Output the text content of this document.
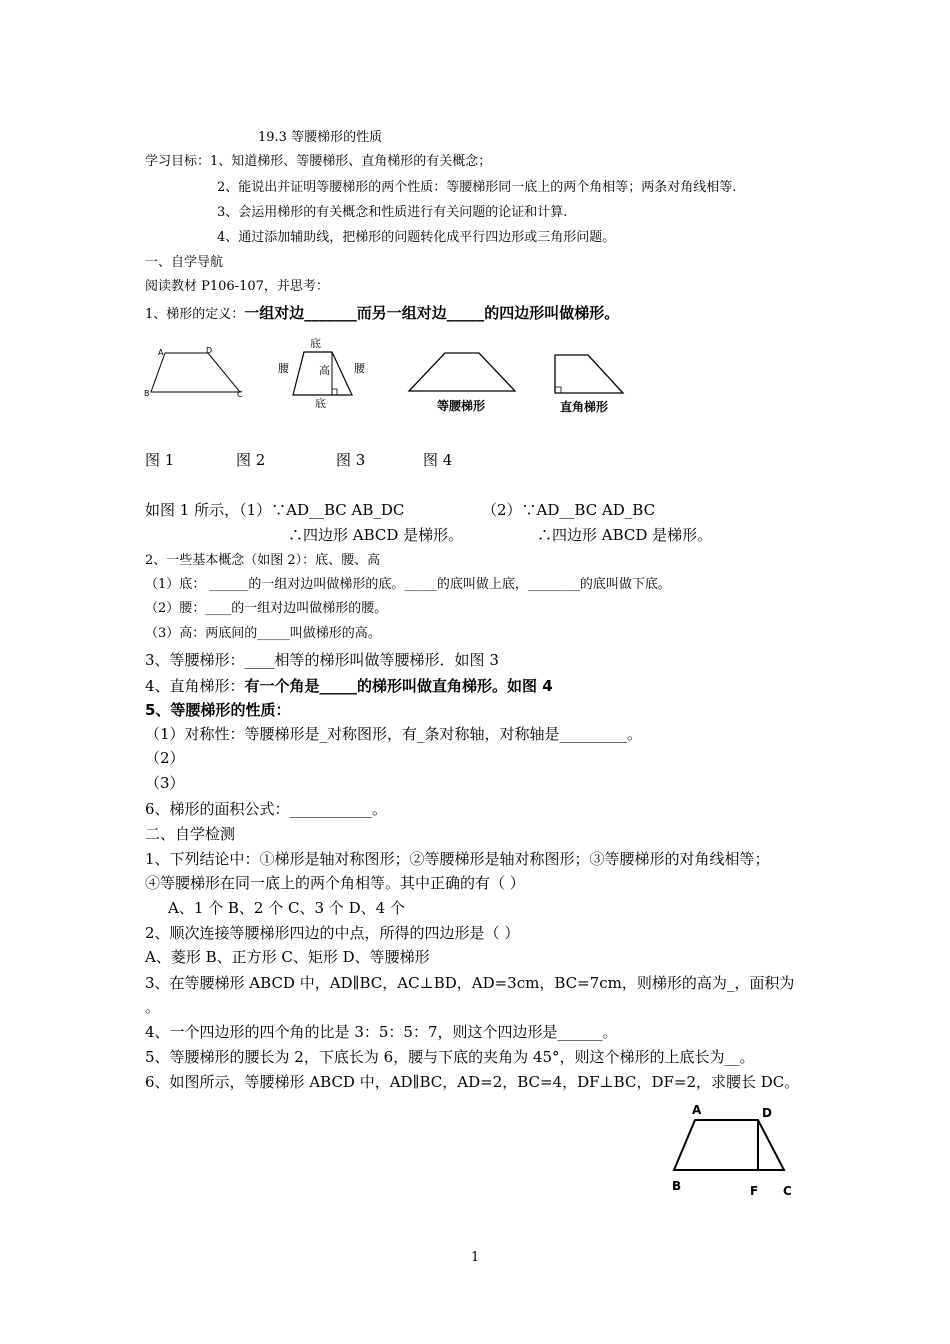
19.3 等腰梯形的性质
学习目标：1、知道梯形、等腰梯形、直角梯形的有关概念；
2、能说出并证明等腰梯形的两个性质：等腰梯形同一底上的两个角相等；两条对角线相等.
3、会运用梯形的有关概念和性质进行有关问题的论证和计算.
4、通过添加辅助线，把梯形的问题转化成平行四边形或三角形问题。
一、自学导航
阅读教材 P106-107，并思考：
1、梯形的定义：一组对边_______而另一组对边_____的四边形叫做梯形。
A	D
B	C
底
腰	腰
高
底	等腰梯形	直角梯形
图 1	图 2	图 3	图 4
如图 1 所示，（1）∵AD__BC AB_DC	（2）∵AD__BC AD_BC
∴四边形 ABCD 是梯形。	∴四边形 ABCD 是梯形。
2、一些基本概念（如图 2）：底、腰、高
（1）底： ______的一组对边叫做梯形的底。_____的底叫做上底，________的底叫做下底。
（2）腰：____的一组对边叫做梯形的腰。
（3）高：两底间的_____叫做梯形的高。
3、等腰梯形：____相等的梯形叫做等腰梯形．如图 3
4、直角梯形：有一个角是_____的梯形叫做直角梯形。如图 4
5、等腰梯形的性质：
（1）对称性：等腰梯形是_对称图形，有_条对称轴，对称轴是_________。
（2）
（3）
6、梯形的面积公式：___________。
二、自学检测
1、下列结论中：①梯形是轴对称图形；②等腰梯形是轴对称图形；③等腰梯形的对角线相等；
④等腰梯形在同一底上的两个角相等。其中正确的有（ ）
A、1 个 B、2 个 C、3 个 D、4 个
2、顺次连接等腰梯形四边的中点，所得的四边形是（ ）
A、菱形 B、正方形 C、矩形 D、等腰梯形
3、在等腰梯形 ABCD 中，AD∥BC，AC⊥BD，AD=3cm，BC=7cm，则梯形的高为_，面积为
。
4、一个四边形的四个角的比是 3：5：5：7，则这个四边形是______。
5、等腰梯形的腰长为 2，下底长为 6，腰与下底的夹角为 45°，则这个梯形的上底长为__。
6、如图所示，等腰梯形 ABCD 中，AD∥BC，AD=2，BC=4，DF⊥BC，DF=2，求腰长 DC。
A	D
B	F C
1
